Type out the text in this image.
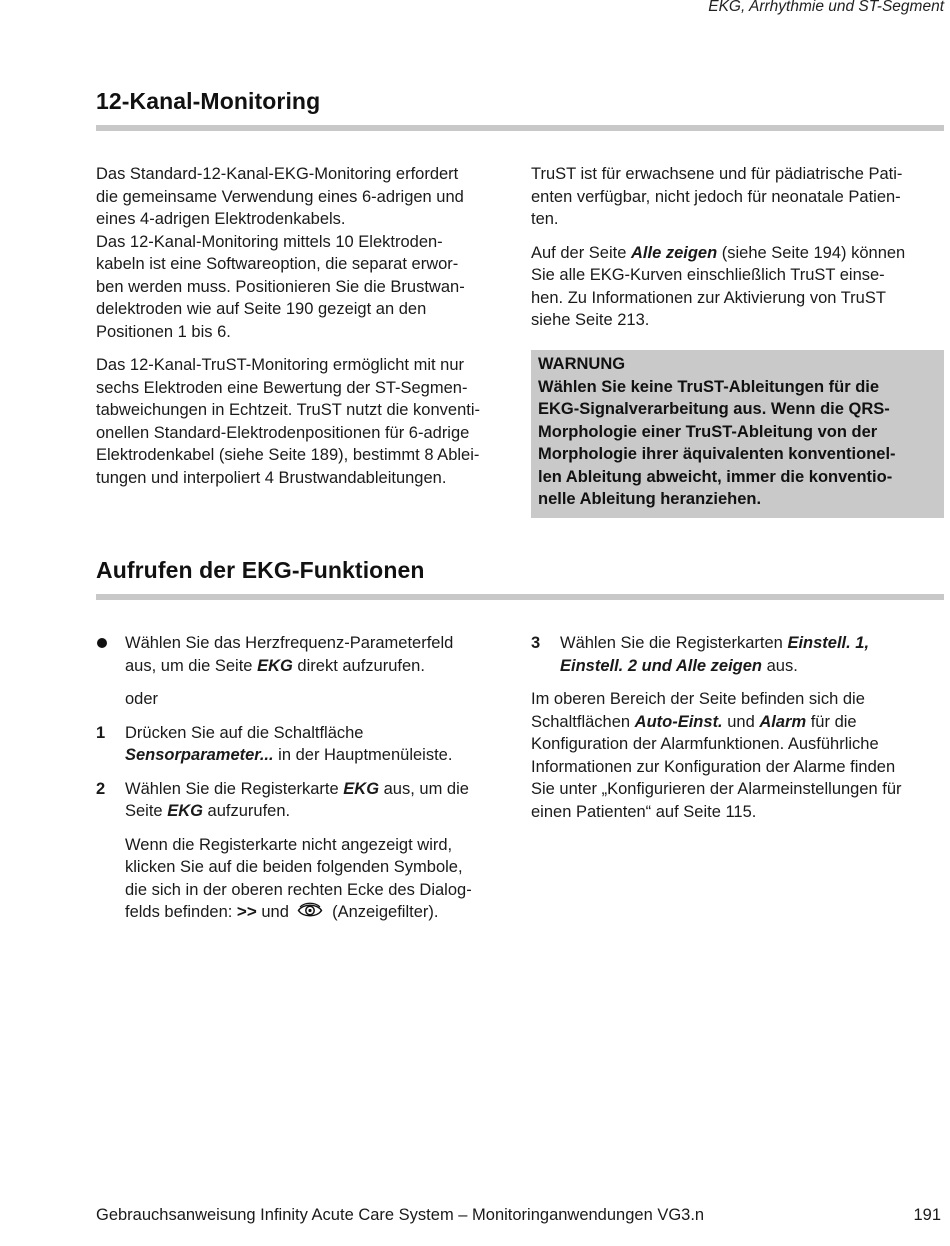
EKG, Arrhythmie und ST-Segment
12-Kanal-Monitoring

Das Standard-12-Kanal-EKG-Monitoring erfordert
die gemeinsame Verwendung eines 6-adrigen und
eines 4-adrigen Elektrodenkabels.
Das 12-Kanal-Monitoring mittels 10 Elektroden-
kabeln ist eine Softwareoption, die separat erwor-
ben werden muss. Positionieren Sie die Brustwan-
delektroden wie auf Seite 190 gezeigt an den
Positionen 1 bis 6.

Das 12-Kanal-TruST-Monitoring ermöglicht mit nur
sechs Elektroden eine Bewertung der ST-Segmen-
tabweichungen in Echtzeit. TruST nutzt die konventi-
onellen Standard-Elektrodenpositionen für 6-adrige
Elektrodenkabel (siehe Seite 189), bestimmt 8 Ablei-
tungen und interpoliert 4 Brustwandableitungen.

TruST ist für erwachsene und für pädiatrische Pati-
enten verfügbar, nicht jedoch für neonatale Patien-
ten.

Auf der Seite Alle zeigen (siehe Seite 194) können
Sie alle EKG-Kurven einschließlich TruST einse-
hen. Zu Informationen zur Aktivierung von TruST
siehe Seite 213.

WARNUNG

Wählen Sie keine TruST-Ableitungen für die
EKG-Signalverarbeitung aus. Wenn die QRS-
Morphologie einer TruST-Ableitung von der
Morphologie ihrer äquivalenten konventionel-
len Ableitung abweicht, immer die konventio-
nelle Ableitung heranziehen.

Aufrufen der EKG-Funktionen
Wählen Sie das Herzfrequenz-Parameterfeld
aus, um die Seite EKG direkt aufzurufen.
oder
1 Drücken Sie auf die Schaltfläche
Sensorparameter... in der Hauptmenüleiste.
2 Wählen Sie die Registerkarte EKG aus, um die
Seite EKG aufzurufen.
Wenn die Registerkarte nicht angezeigt wird,
klicken Sie auf die beiden folgenden Symbole,
die sich in der oberen rechten Ecke des Dialog-
felds befinden: >> und  (Anzeigefilter).
3 Wählen Sie die Registerkarten Einstell. 1,
Einstell. 2 und Alle zeigen aus.

Im oberen Bereich der Seite befinden sich die
Schaltflächen Auto-Einst. und Alarm für die
Konfiguration der Alarmfunktionen. Ausführliche
Informationen zur Konfiguration der Alarme finden
Sie unter „Konfigurieren der Alarmeinstellungen für
einen Patienten“ auf Seite 115.

Gebrauchsanweisung Infinity Acute Care System – Monitoringanwendungen VG3.n	191
